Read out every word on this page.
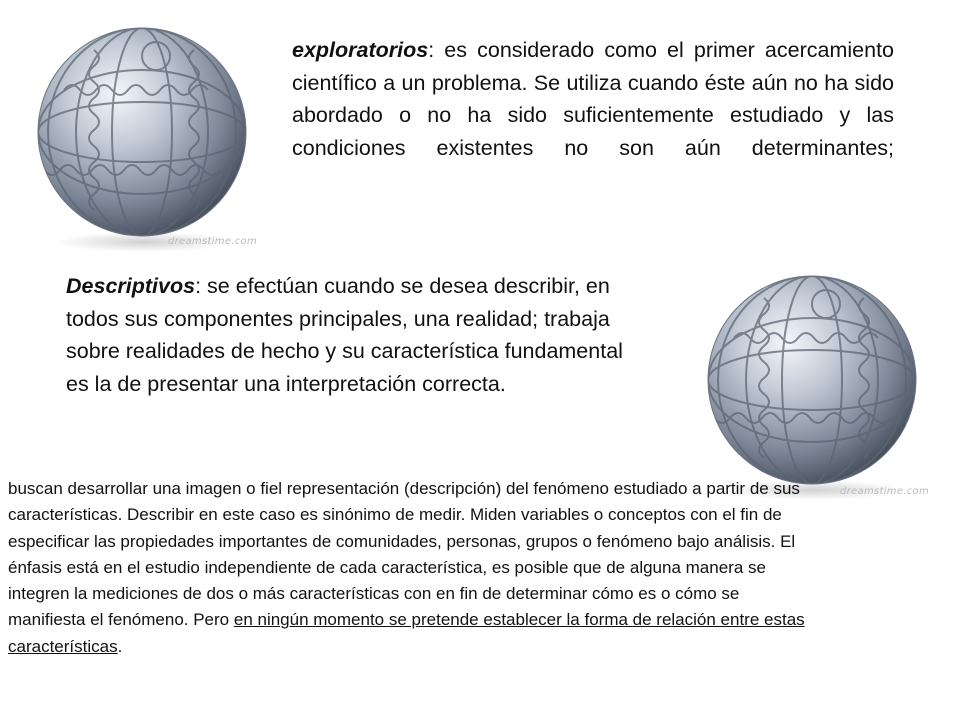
dreamstime.com
dreamstime.com

exploratorios: es considerado como el primer acercamiento científico a un problema. Se utiliza cuando éste aún no ha sido abordado o no ha sido suficientemente estudiado y las condiciones existentes no son aún determinantes;

Descriptivos: se efectúan cuando se desea describir, en todos sus componentes principales, una realidad; trabaja sobre realidades de hecho y su característica fundamental es la de presentar una interpretación correcta.

buscan desarrollar una imagen o fiel representación (descripción) del fenómeno estudiado a partir de sus características. Describir en este caso es sinónimo de medir. Miden variables o conceptos con el fin de especificar las propiedades importantes de comunidades, personas, grupos o fenómeno bajo análisis. El énfasis está en el estudio independiente de cada característica, es posible que de alguna manera se integren la mediciones de dos o más características con en fin de determinar cómo es o cómo se manifiesta el fenómeno. Pero en ningún momento se pretende establecer la forma de relación entre estas características.
